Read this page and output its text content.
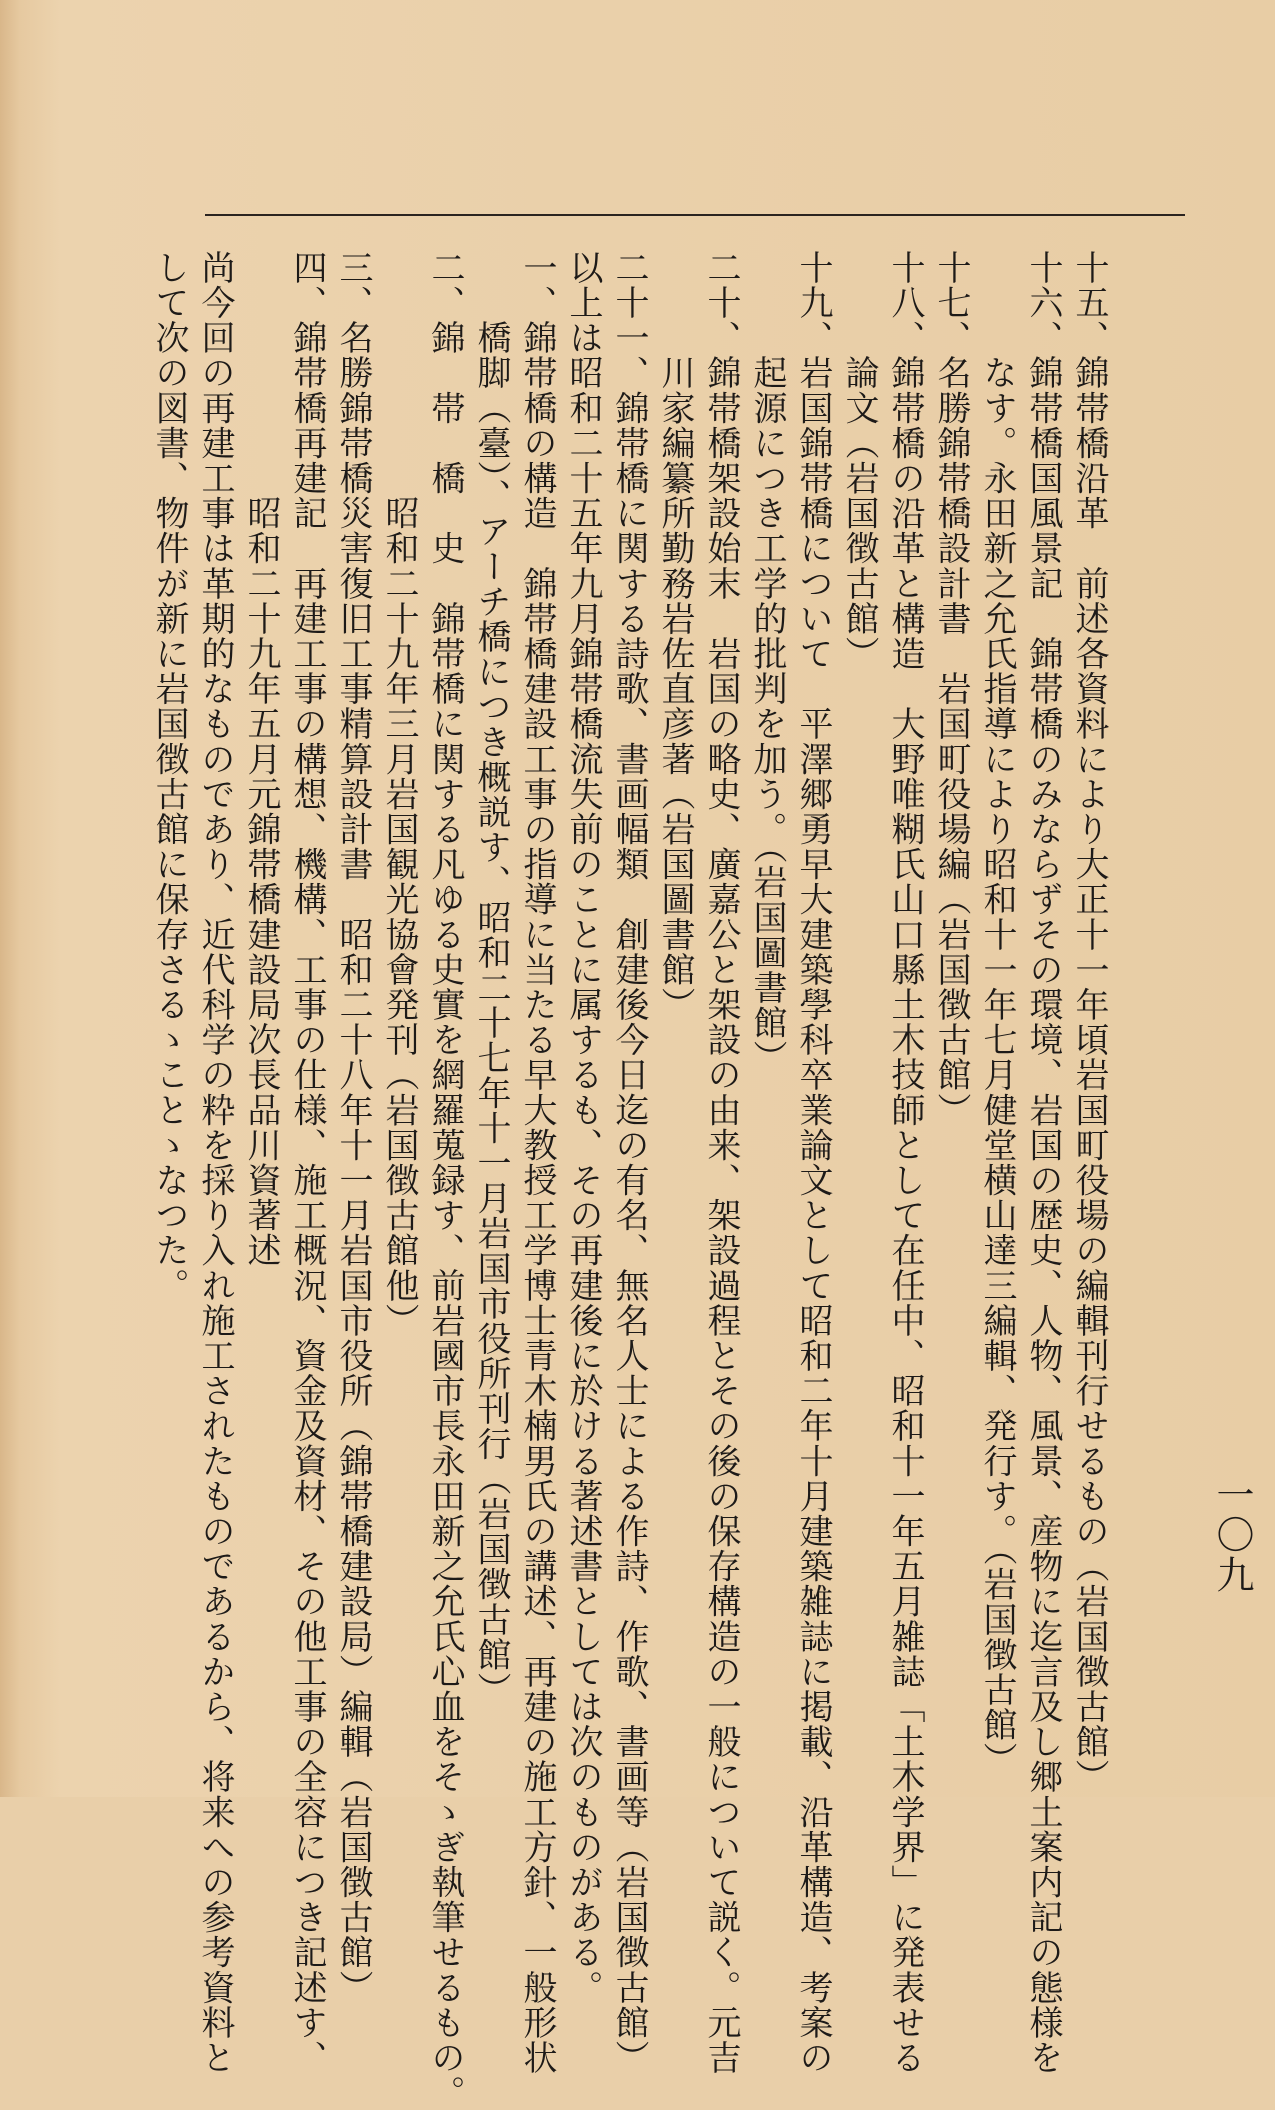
十五、錦帯橋沿革　前述各資料により大正十一年頃岩国町役場の編輯刊行せるもの（岩国徴古館）
十六、錦帯橋国風景記　錦帯橋のみならずその環境、岩国の歴史、人物、風景、産物に迄言及し郷土案内記の態様を
　　　なす。永田新之允氏指導により昭和十一年七月健堂横山達三編輯、発行す。（岩国徴古館）
十七、名勝錦帯橋設計書　岩国町役場編（岩国徴古館）
十八、錦帯橋の沿革と構造　大野唯糊氏山口縣土木技師として在任中、昭和十一年五月雑誌「土木学界」に発表せる
　　　論文（岩国徴古館）
十九、岩国錦帯橋について　平澤郷勇早大建築學科卒業論文として昭和二年十月建築雑誌に掲載、沿革構造、考案の
　　　起源につき工学的批判を加う。（岩国圖書館）
二十、錦帯橋架設始末　岩国の略史、廣嘉公と架設の由来、架設過程とその後の保存構造の一般について説く。元吉
　　　川家編纂所勤務岩佐直彦著（岩国圖書館）
二十一、錦帯橋に関する詩歌、書画幅類　創建後今日迄の有名、無名人士による作詩、作歌、書画等（岩国徴古館）
以上は昭和二十五年九月錦帯橋流失前のことに属するも、その再建後に於ける著述書としては次のものがある。
一、錦帯橋の構造　錦帯橋建設工事の指導に当たる早大教授工学博士青木楠男氏の講述、再建の施工方針、一般形状
　　橋脚（臺）、アーチ橋につき概説す、昭和二十七年十一月岩国市役所刊行（岩国徴古館）
二、錦　帯　橋　史　錦帯橋に関する凡ゆる史實を網羅蒐録す、前岩國市長永田新之允氏心血をそゝぎ執筆せるもの。
　　　　　　　昭和二十九年三月岩国観光協會発刊（岩国徴古館他）
三、名勝錦帯橋災害復旧工事精算設計書　昭和二十八年十一月岩国市役所（錦帯橋建設局）編輯（岩国徴古館）
四、錦帯橋再建記　再建工事の構想、機構、工事の仕様、施工概況、資金及資材、その他工事の全容につき記述す、
　　　　　　　昭和二十九年五月元錦帯橋建設局次長品川資著述
尚今回の再建工事は革期的なものであり、近代科学の粋を採り入れ施工されたものであるから、将来への参考資料と
して次の図書、物件が新に岩国徴古館に保存さるゝことゝなつた。
一〇九
